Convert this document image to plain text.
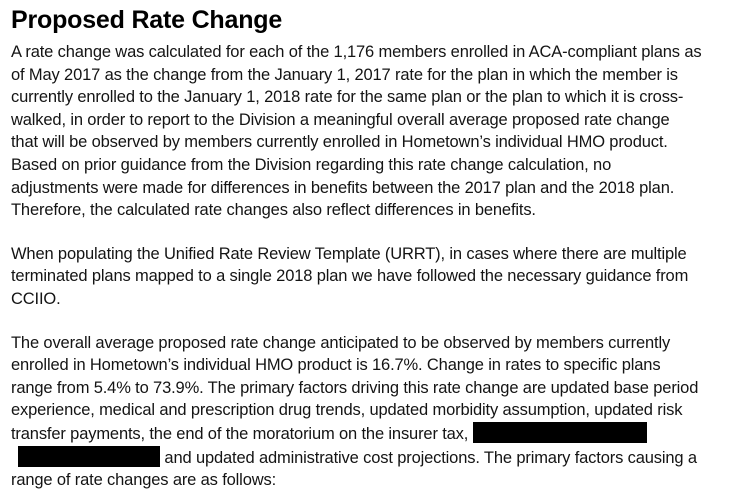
Proposed Rate Change
A rate change was calculated for each of the 1,176 members enrolled in ACA-compliant plans as
of May 2017 as the change from the January 1, 2017 rate for the plan in which the member is
currently enrolled to the January 1, 2018 rate for the same plan or the plan to which it is cross-
walked, in order to report to the Division a meaningful overall average proposed rate change
that will be observed by members currently enrolled in Hometown’s individual HMO product.
Based on prior guidance from the Division regarding this rate change calculation, no
adjustments were made for differences in benefits between the 2017 plan and the 2018 plan.
Therefore, the calculated rate changes also reflect differences in benefits.
When populating the Unified Rate Review Template (URRT), in cases where there are multiple
terminated plans mapped to a single 2018 plan we have followed the necessary guidance from
CCIIO.
The overall average proposed rate change anticipated to be observed by members currently
enrolled in Hometown’s individual HMO product is 16.7%. Change in rates to specific plans
range from 5.4% to 73.9%. The primary factors driving this rate change are updated base period
experience, medical and prescription drug trends, updated morbidity assumption, updated risk
transfer payments, the end of the moratorium on the insurer tax,
and updated administrative cost projections. The primary factors causing a
range of rate changes are as follows:
